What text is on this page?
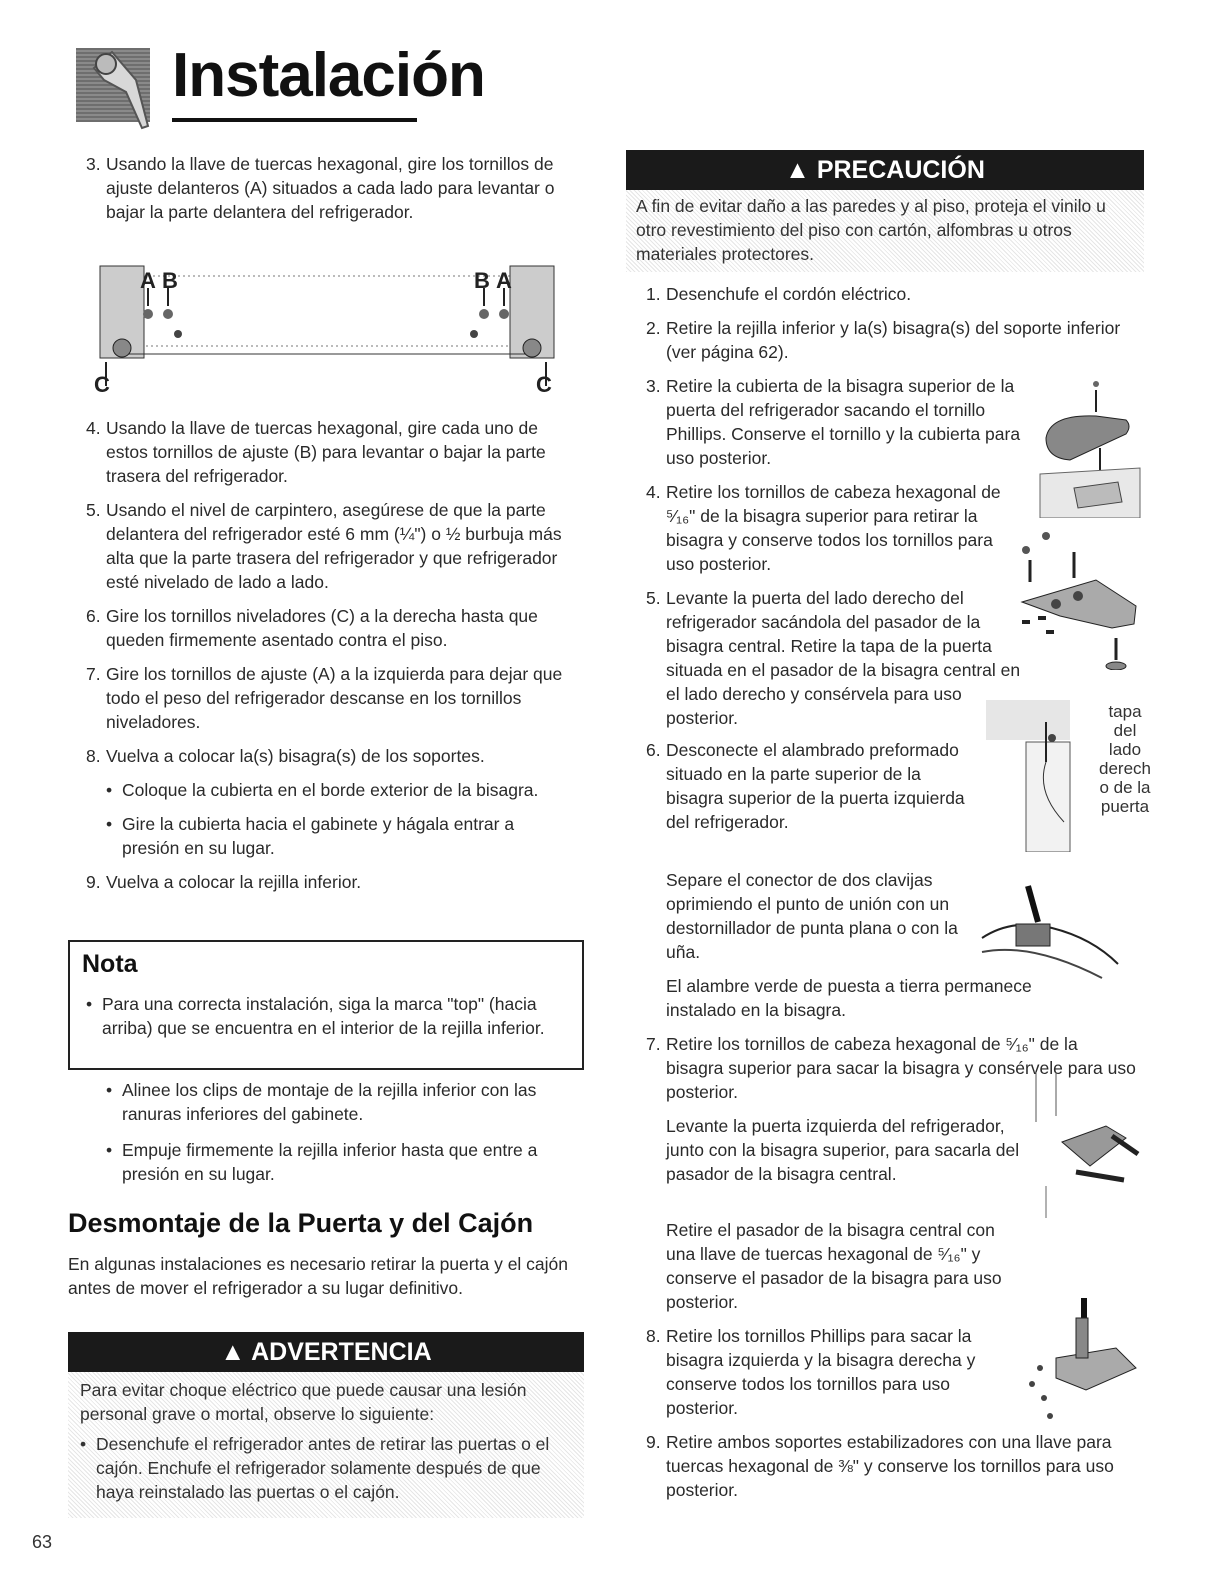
Instalación
3. Usando la llave de tuercas hexagonal, gire los tornillos de ajuste delanteros (A) situados a cada lado para levantar o bajar la parte delantera del refrigerador.
A B	B A
C	C
4. Usando la llave de tuercas hexagonal, gire cada uno de estos tornillos de ajuste (B) para levantar o bajar la parte trasera del refrigerador.
5. Usando el nivel de carpintero, asegúrese de que la parte delantera del refrigerador esté 6 mm (¼") o ½ burbuja más alta que la parte trasera del refrigerador y que refrigerador esté nivelado de lado a lado.
6. Gire los tornillos niveladores (C) a la derecha hasta que queden firmemente asentado contra el piso.
7. Gire los tornillos de ajuste (A) a la izquierda para dejar que todo el peso del refrigerador descanse en los tornillos niveladores.
8. Vuelva a colocar la(s) bisagra(s) de los soportes.
• Coloque la cubierta en el borde exterior de la bisagra.
• Gire la cubierta hacia el gabinete y hágala entrar a presión en su lugar.
9. Vuelva a colocar la rejilla inferior.
Nota
• Para una correcta instalación, siga la marca "top" (hacia arriba) que se encuentra en el interior de la rejilla inferior.
• Alinee los clips de montaje de la rejilla inferior con las ranuras inferiores del gabinete.
• Empuje firmemente la rejilla inferior hasta que entre a presión en su lugar.
Desmontaje de la Puerta y del Cajón
En algunas instalaciones es necesario retirar la puerta y el cajón antes de mover el refrigerador a su lugar definitivo.
▲ ADVERTENCIA
Para evitar choque eléctrico que puede causar una lesión personal grave o mortal, observe lo siguiente:
• Desenchufe el refrigerador antes de retirar las puertas o el cajón. Enchufe el refrigerador solamente después de que haya reinstalado las puertas o el cajón.
▲ PRECAUCIÓN
A fin de evitar daño a las paredes y al piso, proteja el vinilo u otro revestimiento del piso con cartón, alfombras u otros materiales protectores.
1. Desenchufe el cordón eléctrico.
2. Retire la rejilla inferior y la(s) bisagra(s) del soporte inferior (ver página 62).
3. Retire la cubierta de la bisagra superior de la puerta del refrigerador sacando el tornillo Phillips. Conserve el tornillo y la cubierta para uso posterior.
4. Retire los tornillos de cabeza hexagonal de ⁵⁄₁₆" de la bisagra superior para retirar la bisagra y conserve todos los tornillos para uso posterior.
5. Levante la puerta del lado derecho del refrigerador sacándola del pasador de la bisagra central. Retire la tapa de la puerta situada en el pasador de la bisagra central en el lado derecho y consérvela para uso posterior.
6. Desconecte el alambrado preformado situado en la parte superior de la bisagra superior de la puerta izquierda del refrigerador.
Separe el conector de dos clavijas oprimiendo el punto de unión con un destornillador de punta plana o con la uña.
El alambre verde de puesta a tierra permanece instalado en la bisagra.
7. Retire los tornillos de cabeza hexagonal de ⁵⁄₁₆" de la bisagra superior para sacar la bisagra y consérvele para uso posterior.
Levante la puerta izquierda del refrigerador, junto con la bisagra superior, para sacarla del pasador de la bisagra central.
Retire el pasador de la bisagra central con una llave de tuercas hexagonal de ⁵⁄₁₆" y conserve el pasador de la bisagra para uso posterior.
8. Retire los tornillos Phillips para sacar la bisagra izquierda y la bisagra derecha y conserve todos los tornillos para uso posterior.
9. Retire ambos soportes estabilizadores con una llave para tuercas hexagonal de ⅜" y conserve los tornillos para uso posterior.
tapa
del
lado
derech
o de la
puerta
63
